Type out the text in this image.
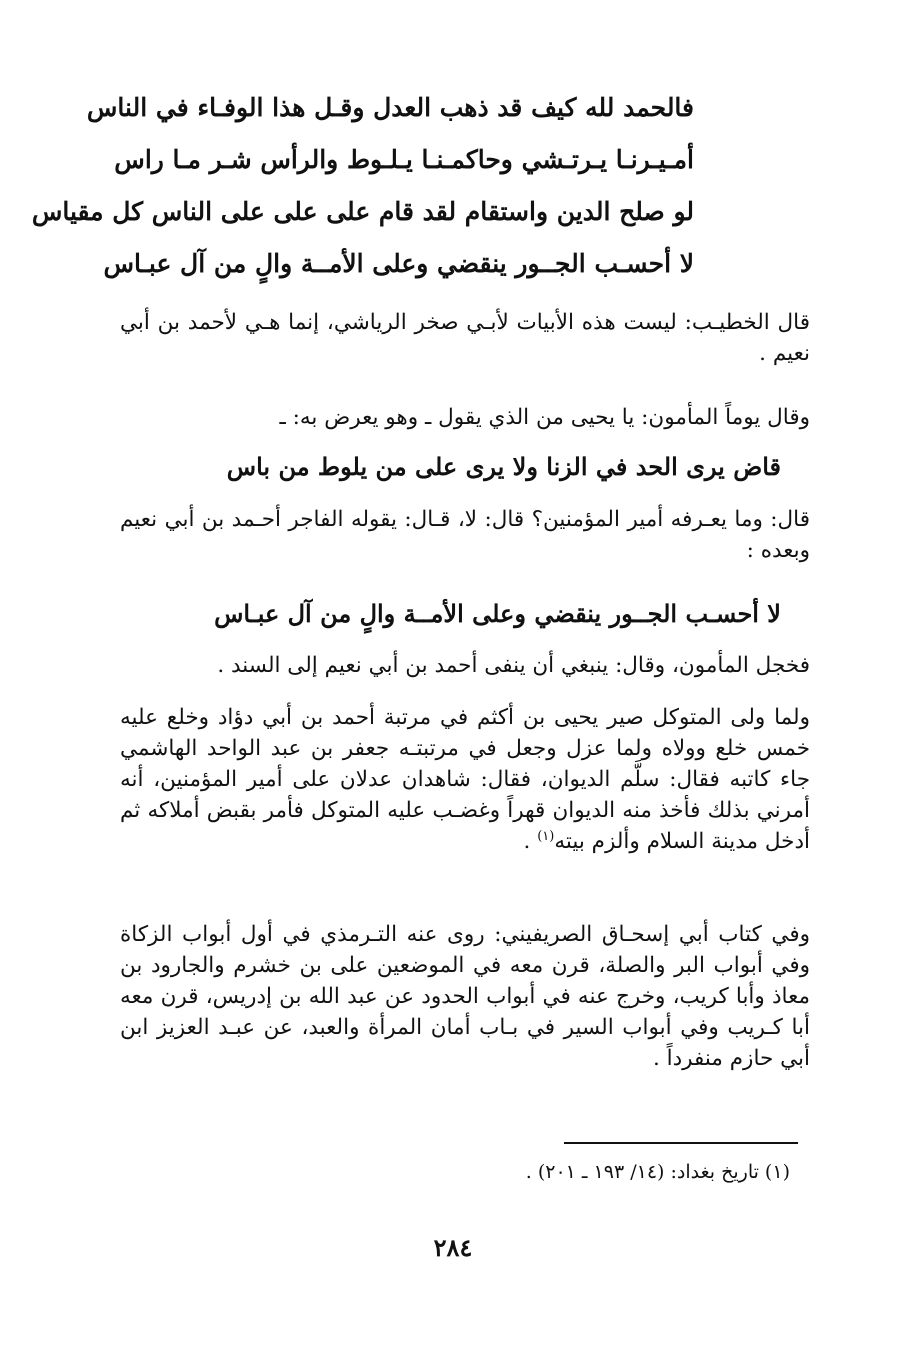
فالحمد لله كيف قد ذهب العدل وقـل هذا الوفـاء في الناس
أمـيـرنـا يـرتـشي وحاكمـنـا يـلـوط والرأس شـر مـا راس
لو صلح الدين واستقام لقد قام على على على الناس كل مقياس
لا أحسـب الجــور ينقضي وعلى الأمــة والٍ من آل عبـاس

قال الخطيـب: ليست هذه الأبيات لأبـي صخر الرياشي، إنما هـي لأحمد بن أبي نعيم .

وقال يوماً المأمون: يا يحيى من الذي يقول ـ وهو يعرض به: ـ

قاض يرى الحد في الزنا ولا يرى على من يلوط من باس

قال: وما يعـرفه أمير المؤمنين؟ قال: لا، قـال: يقوله الفاجر أحـمد بن أبي نعيم وبعده :

لا أحسـب الجــور ينقضي وعلى الأمــة والٍ من آل عبـاس

فخجل المأمون، وقال: ينبغي أن ينفى أحمد بن أبي نعيم إلى السند .

ولما ولى المتوكل صير يحيى بن أكثم في مرتبة أحمد بن أبي دؤاد وخلع عليه خمس خلع وولاه ولما عزل وجعل في مرتبتـه جعفر بن عبد الواحد الهاشمي جاء كاتبه فقال: سلَّم الديوان، فقال: شاهدان عدلان على أمير المؤمنين، أنه أمرني بذلك فأخذ منه الديوان قهراً وغضـب عليه المتوكل فأمر بقبض أملاكه ثم أدخل مدينة السلام وألزم بيته$^{(١)}$ .

وفي كتاب أبي إسحـاق الصريفيني: روى عنه التـرمذي في أول أبواب الزكاة وفي أبواب البر والصلة، قرن معه في الموضعين على بن خشرم والجارود بن معاذ وأبا كريب، وخرج عنه في أبواب الحدود عن عبد الله بن إدريس، قرن معه أبا كـريب وفي أبواب السير في بـاب أمان المرأة والعبد، عن عبـد العزيز ابن أبي حازم منفرداً .

(١) تاريخ بغداد: (١٤/ ١٩٣ ـ ٢٠١) .
٢٨٤
